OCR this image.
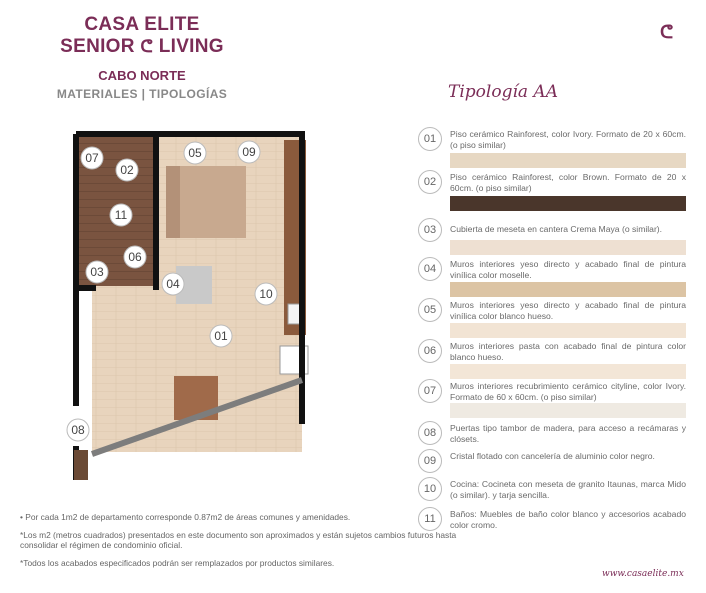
CASA ELITE
SENIOR ᕦ LIVING
CABO NORTE
MATERIALES | TIPOLOGÍAS
ᕦ
Tipología AA
07
02
05	09
11
03
06
04
10
01
08
01	Piso cerámico Rainforest, color Ivory. Formato de 20 x 60cm. (o piso similar)
02	Piso cerámico Rainforest, color Brown. Formato de 20 x 60cm. (o piso similar)
03	Cubierta de meseta en cantera Crema Maya (o similar).
04	Muros interiores yeso directo y acabado final de pintura vinílica color moselle.
05	Muros interiores yeso directo y acabado final de pintura vinílica color blanco hueso.
06	Muros interiores pasta con acabado final de pintura color blanco hueso.
07	Muros interiores recubrimiento cerámico cityline, color Ivory. Formato de 60 x 60cm. (o piso similar)
08	Puertas tipo tambor de madera, para acceso a recámaras y clósets.
09	Cristal flotado con cancelería de aluminio color negro.
10	Cocina: Cocineta con meseta de granito Itaunas, marca Mido (o similar). y tarja sencilla.
11	Baños: Muebles de baño color blanco y accesorios acabado color cromo.

• Por cada 1m2 de departamento corresponde 0.87m2 de áreas comunes y amenidades.

*Los m2 (metros cuadrados) presentados en este documento son aproximados y están sujetos cambios futuros hasta consolidar el régimen de condominio oficial.

*Todos los acabados especificados podrán ser remplazados por productos similares.

www.casaelite.mx
